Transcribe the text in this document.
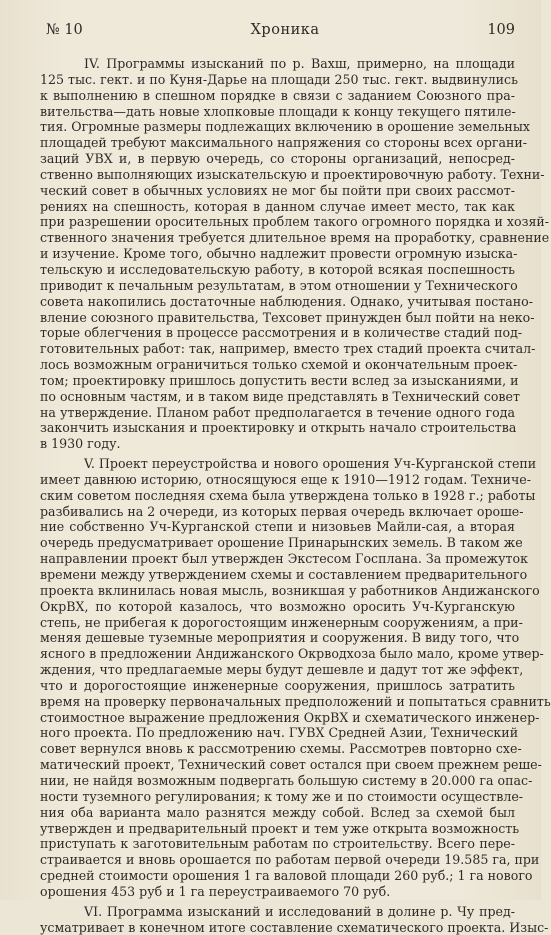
№ 10	Хроника	109
IV. Программы изысканий по р. Вахш, примерно, на площади
125 тыс. гект. и по Куня-Дарье на площади 250 тыс. гект. выдвинулись
к выполнению в спешном порядке в связи с заданием Союзного пра-
вительства—дать новые хлопковые площади к концу текущего пятиле-
тия. Огромные размеры подлежащих включению в орошение земельных
площадей требуют максимального напряжения со стороны всех органи-
заций УВХ и, в первую очередь, со стороны организаций, непосред-
ственно выполняющих изыскательскую и проектировочную работу. Техни-
ческий совет в обычных условиях не мог бы пойти при своих рассмот-
рениях на спешность, которая в данном случае имеет место, так как
при разрешении оросительных проблем такого огромного порядка и хозяй-
ственного значения требуется длительное время на проработку, сравнение
и изучение. Кроме того, обычно надлежит провести огромную изыска-
тельскую и исследовательскую работу, в которой всякая поспешность
приводит к печальным результатам, в этом отношении у Технического
совета накопились достаточные наблюдения. Однако, учитывая постано-
вление союзного правительства, Техсовет принужден был пойти на неко-
торые облегчения в процессе рассмотрения и в количестве стадий под-
готовительных работ: так, например, вместо трех стадий проекта считал-
лось возможным ограничиться только схемой и окончательным проек-
том; проектировку пришлось допустить вести вслед за изысканиями, и
по основным частям, и в таком виде представлять в Технический совет
на утверждение. Планом работ предполагается в течение одного года
закончить изыскания и проектировку и открыть начало строительства
в 1930 году.
V. Проект переустройства и нового орошения Уч-Курганской степи
имеет давнюю историю, относящуюся еще к 1910—1912 годам. Техниче-
ским советом последняя схема была утверждена только в 1928 г.; работы
разбивались на 2 очереди, из которых первая очередь включает ороше-
ние собственно Уч-Курганской степи и низовьев Майли-сая, а вторая
очередь предусматривает орошение Принарынских земель. В таком же
направлении проект был утвержден Экстесом Госплана. За промежуток
времени между утверждением схемы и составлением предварительного
проекта вклинилась новая мысль, возникшая у работников Андижанского
ОкрВХ, по которой казалось, что возможно оросить Уч-Курганскую
степь, не прибегая к дорогостоящим инженерным сооружениям, а при-
меняя дешевые туземные мероприятия и сооружения. В виду того, что
ясного в предложении Андижанского Окрводхоза было мало, кроме утвер-
ждения, что предлагаемые меры будут дешевле и дадут тот же эффект,
что и дорогостоящие инженерные сооружения, пришлось затратить
время на проверку первоначальных предположений и попытаться сравнить
стоимостное выражение предложения ОкрВХ и схематического инженер-
ного проекта. По предложению нач. ГУВХ Средней Азии, Технический
совет вернулся вновь к рассмотрению схемы. Рассмотрев повторно схе-
матический проект, Технический совет остался при своем прежнем реше-
нии, не найдя возможным подвергать большую систему в 20.000 га опас-
ности туземного регулирования; к тому же и по стоимости осуществле-
ния оба варианта мало разнятся между собой. Вслед за схемой был
утвержден и предварительный проект и тем уже открыта возможность
приступать к заготовительным работам по строительству. Всего пере-
страивается и вновь орошается по работам первой очереди 19.585 га, при
средней стоимости орошения 1 га валовой площади 260 руб.; 1 га нового
орошения 453 руб и 1 га переустраиваемого 70 руб.
VI. Программа изысканий и исследований в долине р. Чу пред-
усматривает в конечном итоге составление схематического проекта. Изыс-
